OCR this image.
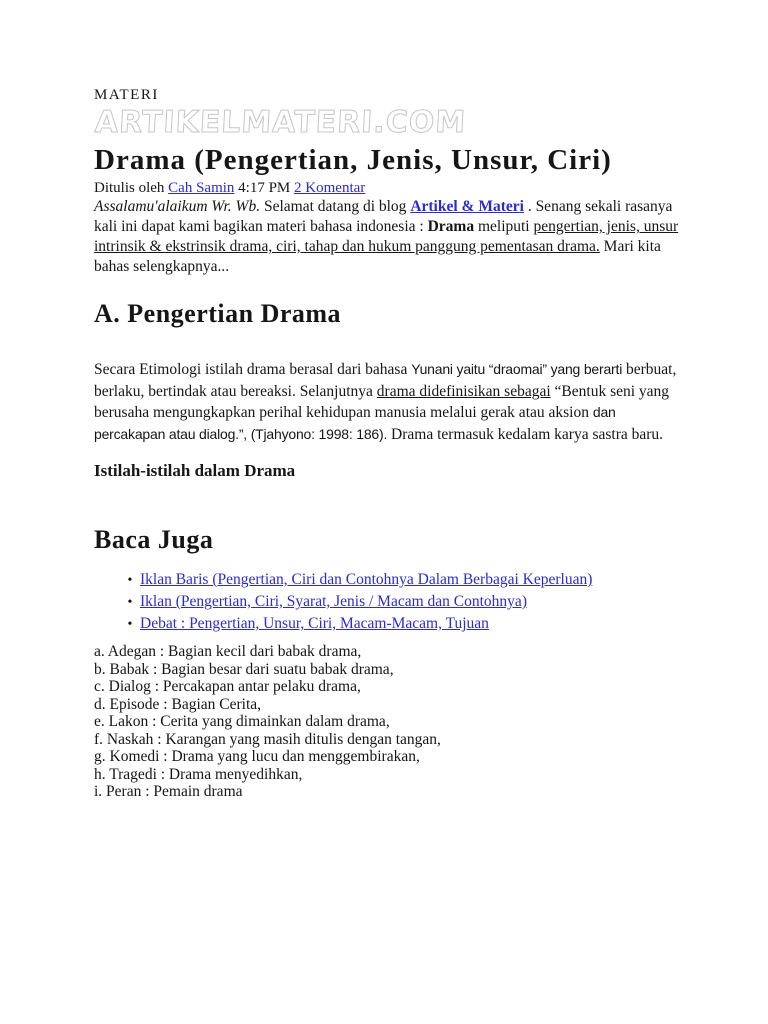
MATERI
ARTIKELMATERI.COM
Drama (Pengertian, Jenis, Unsur, Ciri)
Ditulis oleh Cah Samin 4:17 PM 2 Komentar

Assalamu'alaikum Wr. Wb. Selamat datang di blog Artikel & Materi . Senang sekali rasanya kali ini dapat kami bagikan materi bahasa indonesia : Drama meliputi pengertian, jenis, unsur intrinsik & ekstrinsik drama, ciri, tahap dan hukum panggung pementasan drama. Mari kita bahas selengkapnya...

A. Pengertian Drama

Secara Etimologi istilah drama berasal dari bahasa Yunani yaitu “draomai” yang berarti berbuat, berlaku, bertindak atau bereaksi. Selanjutnya drama didefinisikan sebagai “Bentuk seni yang berusaha mengungkapkan perihal kehidupan manusia melalui gerak atau aksion dan percakapan atau dialog.”, (Tjahyono: 1998: 186). Drama termasuk kedalam karya sastra baru.

Istilah-istilah dalam Drama
Baca Juga
• Iklan Baris (Pengertian, Ciri dan Contohnya Dalam Berbagai Keperluan)
• Iklan (Pengertian, Ciri, Syarat, Jenis / Macam dan Contohnya)
• Debat : Pengertian, Unsur, Ciri, Macam-Macam, Tujuan
a. Adegan : Bagian kecil dari babak drama,
b. Babak : Bagian besar dari suatu babak drama,
c. Dialog : Percakapan antar pelaku drama,
d. Episode : Bagian Cerita,
e. Lakon : Cerita yang dimainkan dalam drama,
f. Naskah : Karangan yang masih ditulis dengan tangan,
g. Komedi : Drama yang lucu dan menggembirakan,
h. Tragedi : Drama menyedihkan,
i. Peran : Pemain drama
